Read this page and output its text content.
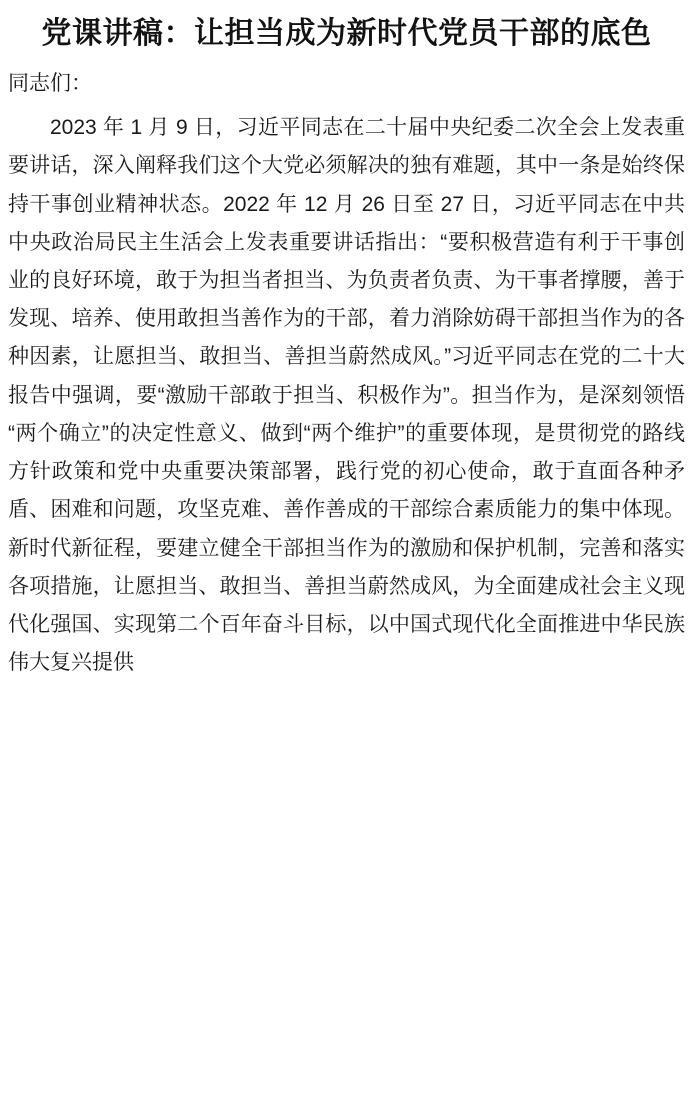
党课讲稿：让担当成为新时代党员干部的底色

同志们：

2023 年 1 月 9 日，习近平同志在二十届中央纪委二次全会上发表重要讲话，深入阐释我们这个大党必须解决的独有难题，其中一条是始终保持干事创业精神状态。2022 年 12 月 26 日至 27 日，习近平同志在中共中央政治局民主生活会上发表重要讲话指出：“要积极营造有利于干事创业的良好环境，敢于为担当者担当、为负责者负责、为干事者撑腰，善于发现、培养、使用敢担当善作为的干部，着力消除妨碍干部担当作为的各种因素，让愿担当、敢担当、善担当蔚然成风。”习近平同志在党的二十大报告中强调，要“激励干部敢于担当、积极作为”。担当作为，是深刻领悟“两个确立”的决定性意义、做到“两个维护”的重要体现，是贯彻党的路线方针政策和党中央重要决策部署，践行党的初心使命，敢于直面各种矛盾、困难和问题，攻坚克难、善作善成的干部综合素质能力的集中体现。新时代新征程，要建立健全干部担当作为的激励和保护机制，完善和落实各项措施，让愿担当、敢担当、善担当蔚然成风，为全面建成社会主义现代化强国、实现第二个百年奋斗目标，以中国式现代化全面推进中华民族伟大复兴提供
